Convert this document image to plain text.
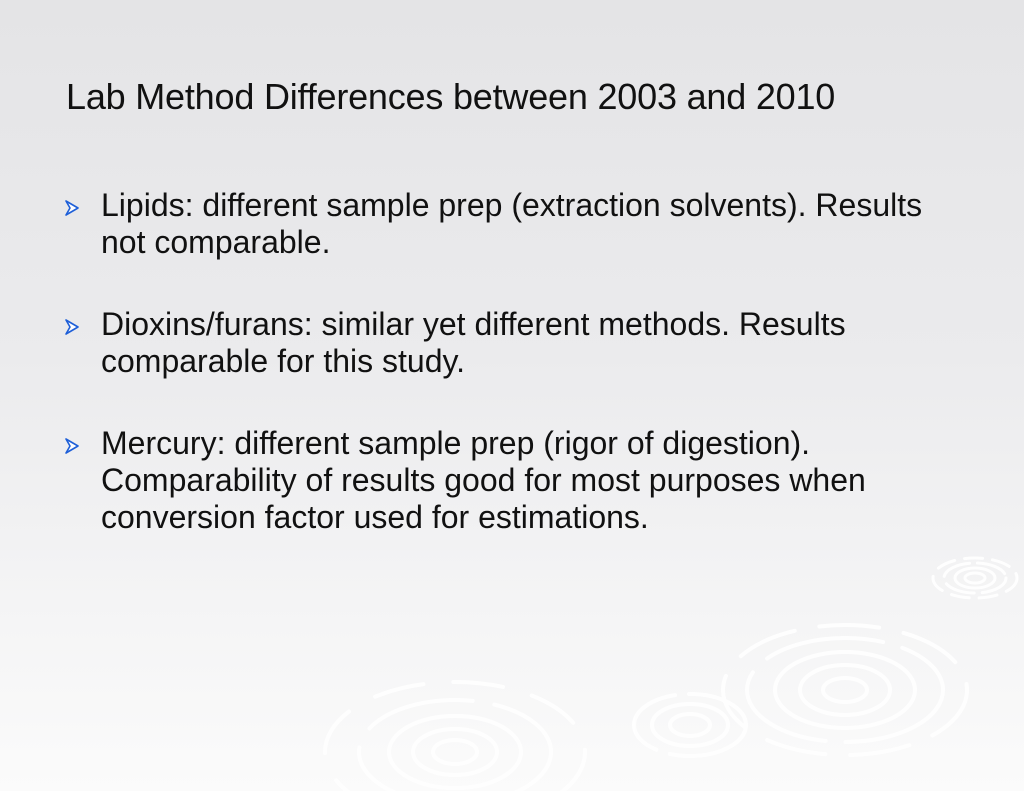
Lab Method Differences between 2003 and 2010
Lipids: different sample prep (extraction solvents). Results not comparable.
Dioxins/furans: similar yet different methods. Results comparable for this study.
Mercury: different sample prep (rigor of digestion). Comparability of results good for most purposes when conversion factor used for estimations.
